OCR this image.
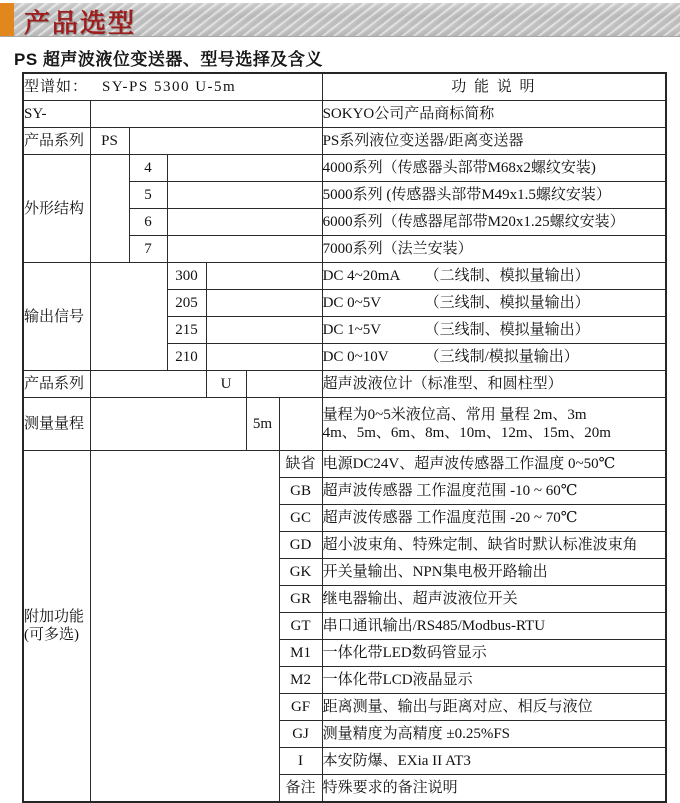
产品选型
PS 超声波液位变送器、型号选择及含义
型谱如： SY-PS 5300 U-5m							功 能 说 明
SY-							SOKYO公司产品商标简称
产品系列	PS						PS系列液位变送器/距离变送器
外形结构		4					4000系列（传感器头部带M68x2螺纹安装)
		5					5000系列 (传感器头部带M49x1.5螺纹安装）
		6					6000系列（传感器尾部带M20x1.25螺纹安装）
		7					7000系列（法兰安装）
输出信号			300				DC 4~20mA （二线制、模拟量输出）
			205				DC 0~5V （三线制、模拟量输出）
			215				DC 1~5V （三线制、模拟量输出）
			210				DC 0~10V （三线制/模拟量输出）
产品系列				U			超声波液位计（标准型、和圆柱型）
测量量程					5m		量程为0~5米液位高、常用 量程 2m、3m
4m、5m、6m、8m、10m、12m、15m、20m

附加功能
(可多选)						缺省	电源DC24V、超声波传感器工作温度 0~50℃
						GB	超声波传感器 工作温度范围 -10 ~ 60℃
						GC	超声波传感器 工作温度范围 -20 ~ 70℃
						GD	超小波束角、特殊定制、缺省时默认标准波束角
						GK	开关量输出、NPN集电极开路输出
						GR	继电器输出、超声波液位开关
						GT	串口通讯输出/RS485/Modbus-RTU
						M1	一体化带LED数码管显示
						M2	一体化带LCD液晶显示
						GF	距离测量、输出与距离对应、相反与液位
						GJ	测量精度为高精度 ±0.25%FS
						I	本安防爆、EXia II AT3
						备注	特殊要求的备注说明
